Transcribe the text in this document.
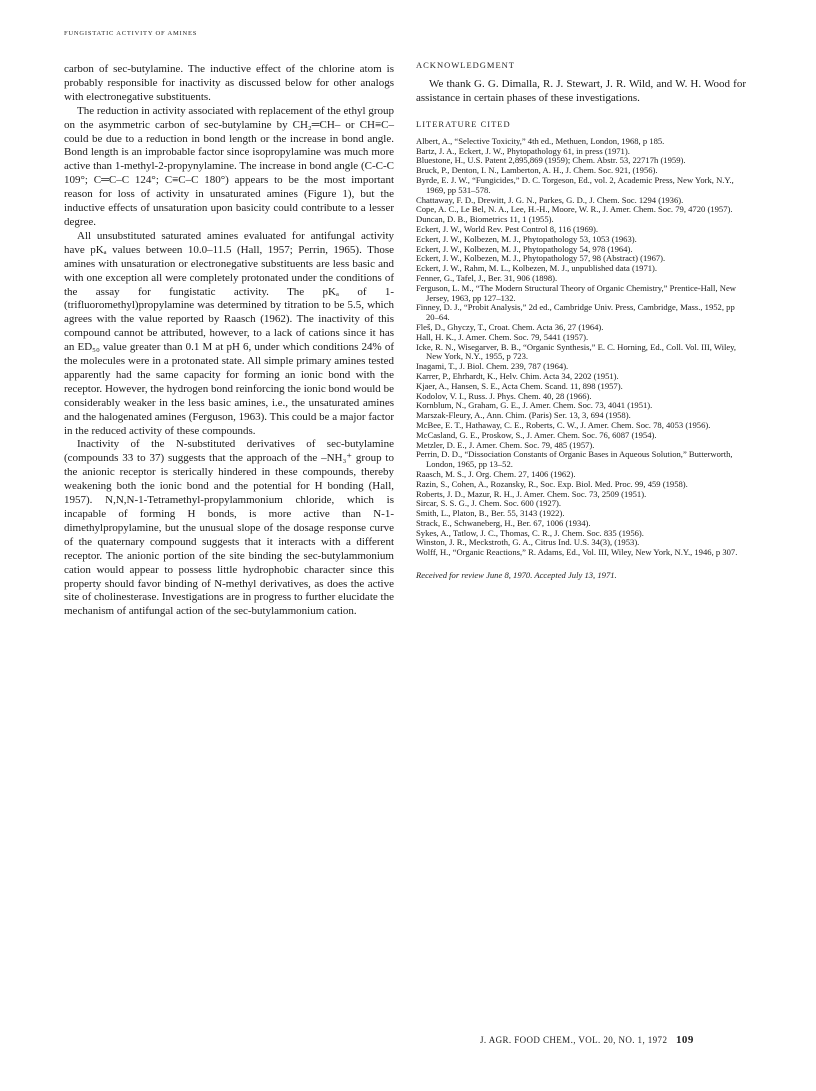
FUNGISTATIC ACTIVITY OF AMINES

carbon of sec-butylamine. The inductive effect of the chlorine atom is probably responsible for inactivity as discussed below for other analogs with electronegative substituents.

The reduction in activity associated with replacement of the ethyl group on the asymmetric carbon of sec-butylamine by CH₂═CH– or CH≡C– could be due to a reduction in bond length or the increase in bond angle. Bond length is an improbable factor since isopropylamine was much more active than 1-methyl-2-propynylamine. The increase in bond angle (C-C-C 109°; C═C–C 124°; C≡C–C 180°) appears to be the most important reason for loss of activity in unsaturated amines (Figure 1), but the inductive effects of unsaturation upon basicity could contribute to a lesser degree.

All unsubstituted saturated amines evaluated for antifungal activity have pKₐ values between 10.0–11.5 (Hall, 1957; Perrin, 1965). Those amines with unsaturation or electronegative substituents are less basic and with one exception all were completely protonated under the conditions of the assay for fungistatic activity. The pKₐ of 1-(trifluoromethyl)propylamine was determined by titration to be 5.5, which agrees with the value reported by Raasch (1962). The inactivity of this compound cannot be attributed, however, to a lack of cations since it has an ED₅₀ value greater than 0.1 M at pH 6, under which conditions 24% of the molecules were in a protonated state. All simple primary amines tested apparently had the same capacity for forming an ionic bond with the receptor. However, the hydrogen bond reinforcing the ionic bond would be considerably weaker in the less basic amines, i.e., the unsaturated amines and the halogenated amines (Ferguson, 1963). This could be a major factor in the reduced activity of these compounds.

Inactivity of the N-substituted derivatives of sec-butylamine (compounds 33 to 37) suggests that the approach of the –NH₃⁺ group to the anionic receptor is sterically hindered in these compounds, thereby weakening both the ionic bond and the potential for H bonding (Hall, 1957). N,N,N-1-Tetramethyl-propylammonium chloride, which is incapable of forming H bonds, is more active than N-1-dimethylpropylamine, but the unusual slope of the dosage response curve of the quaternary compound suggests that it interacts with a different receptor. The anionic portion of the site binding the sec-butylammonium cation would appear to possess little hydrophobic character since this property should favor binding of N-methyl derivatives, as does the active site of cholinesterase. Investigations are in progress to further elucidate the mechanism of antifungal action of the sec-butylammonium cation.

ACKNOWLEDGMENT

We thank G. G. Dimalla, R. J. Stewart, J. R. Wild, and W. H. Wood for assistance in certain phases of these investigations.

LITERATURE CITED
Albert, A., “Selective Toxicity,” 4th ed., Methuen, London, 1968, p 185.
Bartz, J. A., Eckert, J. W., Phytopathology 61, in press (1971).
Bluestone, H., U.S. Patent 2,895,869 (1959); Chem. Abstr. 53, 22717h (1959).
Bruck, P., Denton, I. N., Lamberton, A. H., J. Chem. Soc. 921, (1956).
Byrde, E. J. W., “Fungicides,” D. C. Torgeson, Ed., vol. 2, Academic Press, New York, N.Y., 1969, pp 531–578.
Chattaway, F. D., Drewitt, J. G. N., Parkes, G. D., J. Chem. Soc. 1294 (1936).
Cope, A. C., Le Bel, N. A., Lee, H.-H., Moore, W. R., J. Amer. Chem. Soc. 79, 4720 (1957).
Duncan, D. B., Biometrics 11, 1 (1955).
Eckert, J. W., World Rev. Pest Control 8, 116 (1969).
Eckert, J. W., Kolbezen, M. J., Phytopathology 53, 1053 (1963).
Eckert, J. W., Kolbezen, M. J., Phytopathology 54, 978 (1964).
Eckert, J. W., Kolbezen, M. J., Phytopathology 57, 98 (Abstract) (1967).
Eckert, J. W., Rahm, M. L., Kolbezen, M. J., unpublished data (1971).
Fenner, G., Tafel, J., Ber. 31, 906 (1898).
Ferguson, L. M., “The Modern Structural Theory of Organic Chemistry,” Prentice-Hall, New Jersey, 1963, pp 127–132.
Finney, D. J., “Probit Analysis,” 2d ed., Cambridge Univ. Press, Cambridge, Mass., 1952, pp 20–64.
Fleš, D., Ghyczy, T., Croat. Chem. Acta 36, 27 (1964).
Hall, H. K., J. Amer. Chem. Soc. 79, 5441 (1957).
Icke, R. N., Wisegarver, B. B., “Organic Synthesis,” E. C. Horning, Ed., Coll. Vol. III, Wiley, New York, N.Y., 1955, p 723.
Inagami, T., J. Biol. Chem. 239, 787 (1964).
Karrer, P., Ehrhardt, K., Helv. Chim. Acta 34, 2202 (1951).
Kjaer, A., Hansen, S. E., Acta Chem. Scand. 11, 898 (1957).
Kodolov, V. I., Russ. J. Phys. Chem. 40, 28 (1966).
Kornblum, N., Graham, G. E., J. Amer. Chem. Soc. 73, 4041 (1951).
Marszak-Fleury, A., Ann. Chim. (Paris) Ser. 13, 3, 694 (1958).
McBee, E. T., Hathaway, C. E., Roberts, C. W., J. Amer. Chem. Soc. 78, 4053 (1956).
McCasland, G. E., Proskow, S., J. Amer. Chem. Soc. 76, 6087 (1954).
Metzler, D. E., J. Amer. Chem. Soc. 79, 485 (1957).
Perrin, D. D., “Dissociation Constants of Organic Bases in Aqueous Solution,” Butterworth, London, 1965, pp 13–52.
Raasch, M. S., J. Org. Chem. 27, 1406 (1962).
Razin, S., Cohen, A., Rozansky, R., Soc. Exp. Biol. Med. Proc. 99, 459 (1958).
Roberts, J. D., Mazur, R. H., J. Amer. Chem. Soc. 73, 2509 (1951).
Sircar, S. S. G., J. Chem. Soc. 600 (1927).
Smith, L., Platon, B., Ber. 55, 3143 (1922).
Strack, E., Schwaneberg, H., Ber. 67, 1006 (1934).
Sykes, A., Tatlow, J. C., Thomas, C. R., J. Chem. Soc. 835 (1956).
Winston, J. R., Meckstroth, G. A., Citrus Ind. U.S. 34(3), (1953).
Wolff, H., “Organic Reactions,” R. Adams, Ed., Vol. III, Wiley, New York, N.Y., 1946, p 307.
Received for review June 8, 1970. Accepted July 13, 1971.
J. AGR. FOOD CHEM., VOL. 20, NO. 1, 1972 109
